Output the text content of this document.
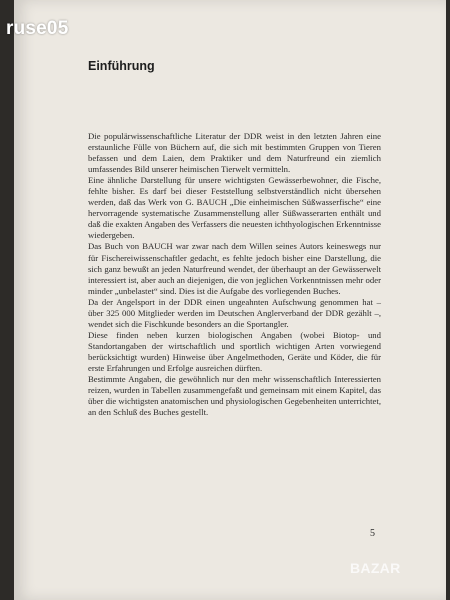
Einführung

Die populärwissenschaftliche Literatur der DDR weist in den letzten Jahren eine erstaunliche Fülle von Büchern auf, die sich mit bestimmten Gruppen von Tieren befassen und dem Laien, dem Praktiker und dem Naturfreund ein ziemlich umfassendes Bild unserer heimischen Tierwelt vermitteln.

Eine ähnliche Darstellung für unsere wichtigsten Gewässerbewohner, die Fische, fehlte bisher. Es darf bei dieser Feststellung selbstverständlich nicht übersehen werden, daß das Werk von G. BAUCH „Die einheimischen Süßwasserfische“ eine hervorragende systematische Zusammenstellung aller Süßwasserarten enthält und daß die exakten Angaben des Verfassers die neuesten ichthyologischen Erkenntnisse wiedergeben.

Das Buch von BAUCH war zwar nach dem Willen seines Autors keineswegs nur für Fischereiwissenschaftler gedacht, es fehlte jedoch bisher eine Darstellung, die sich ganz bewußt an jeden Naturfreund wendet, der überhaupt an der Gewässerwelt interessiert ist, aber auch an diejenigen, die von jeglichen Vorkenntnissen mehr oder minder „unbelastet“ sind. Dies ist die Aufgabe des vorliegenden Buches.

Da der Angelsport in der DDR einen ungeahnten Aufschwung genommen hat – über 325 000 Mitglieder werden im Deutschen Anglerverband der DDR gezählt –, wendet sich die Fischkunde besonders an die Sportangler.

Diese finden neben kurzen biologischen Angaben (wobei Biotop- und Standortangaben der wirtschaftlich und sportlich wichtigen Arten vorwiegend berücksichtigt wurden) Hinweise über Angelmethoden, Geräte und Köder, die für erste Erfahrungen und Erfolge ausreichen dürften.

Bestimmte Angaben, die gewöhnlich nur den mehr wissenschaftlich Interessierten reizen, wurden in Tabellen zusammengefaßt und gemeinsam mit einem Kapitel, das über die wichtigsten anatomischen und physiologischen Gegebenheiten unterrichtet, an den Schluß des Buches gestellt.

5
ruse05
BAZAR
